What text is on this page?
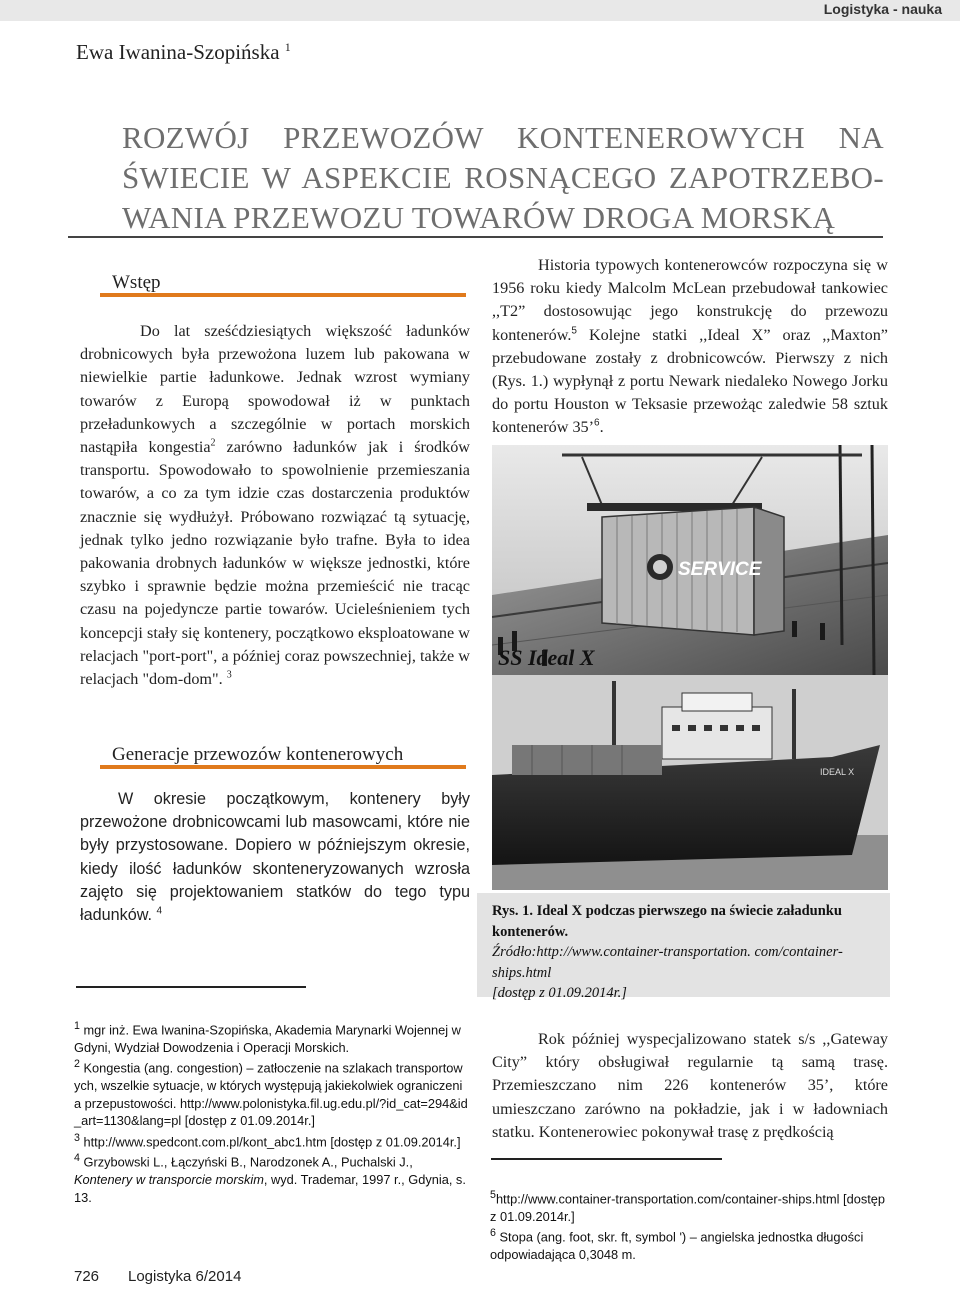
Logistyka - nauka
Ewa Iwanina-Szopińska $^1$
ROZWÓJ PRZEWOZÓW KONTENEROWYCH NA
ŚWIECIE W ASPEKCIE ROSNĄCEGO ZAPOTRZEBO-
WANIA PRZEWOZU TOWARÓW DROGA MORSKĄ
Wstęp
Do lat sześćdziesiątych większość ładunków drobnicowych była przewożona luzem lub pakowana w niewielkie partie ładunkowe. Jednak wzrost wymiany towarów z Europą spowodował iż w punktach przeładunkowych a szczególnie w portach morskich nastąpiła kongestia$^2$ zarówno ładunków jak i środków transportu. Spowodowało to spowolnienie przemieszania towarów, a co za tym idzie czas dostarczenia produktów znacznie się wydłużył. Próbowano rozwiązać tą sytuację, jednak tylko jedno rozwiązanie było trafne. Była to idea pakowania drobnych ładunków w większe jednostki, które szybko i sprawnie będzie można przemieścić nie tracąc czasu na pojedyncze partie towarów. Ucieleśnieniem tych koncepcji stały się kontenery, początkowo eksploatowane w relacjach "port-port", a później coraz powszechniej, także w relacjach "dom-dom". $^3$
Historia typowych kontenerowców rozpoczyna się w 1956 roku kiedy Malcolm McLean przebudował tankowiec ,,T2” dostosowując jego konstrukcję do przewozu kontenerów.$^5$ Kolejne statki ,,Ideal X” oraz ,,Maxton” przebudowane zostały z drobnicowców. Pierwszy z nich (Rys. 1.) wypłynął z portu Newark niedaleko Nowego Jorku do portu Houston w Teksasie przewożąc zaledwie 58 sztuk kontenerów 35’$^6$.
SERVICE
SS Ideal X
IDEAL X
Rys. 1. Ideal X podczas pierwszego na świecie załadunku kontenerów.
Źródło:http://www.container-transportation. com/container-ships.html
[dostęp z 01.09.2014r.]
Generacje przewozów kontenerowych
W okresie początkowym, kontenery były przewożone drobnicowcami lub masowcami, które nie były przystosowane. Dopiero w późniejszym okresie, kiedy ilość ładunków skonteneryzowanych wzrosła zajęto się projektowaniem statków do tego typu ładunków. $^4$
$^1$ mgr inż. Ewa Iwanina-Szopińska, Akademia Marynarki Wojennej w Gdyni, Wydział Dowodzenia i Operacji Morskich.
$^2$ Kongestia (ang. congestion) – zatłoczenie na szlakach transportowych, wszelkie sytuacje, w których występują jakiekolwiek ograniczenia przepustowości. http://www.polonistyka.fil.ug.edu.pl/?id_cat=294&id_art=1130&lang=pl [dostęp z 01.09.2014r.]
$^3$ http://www.spedcont.com.pl/kont_abc1.htm [dostęp z 01.09.2014r.]
$^4$ Grzybowski L., Łączyński B., Narodzonek A., Puchalski J., Kontenery w transporcie morskim, wyd. Trademar, 1997 r., Gdynia, s. 13.
Rok później wyspecjalizowano statek s/s ,,Gateway City” który obsługiwał regularnie tą samą trasę. Przemieszczano nim 226 kontenerów 35’, które umieszczano zarówno na pokładzie, jak i w ładowniach statku. Kontenerowiec pokonywał trasę z prędkością
$^5$http://www.container-transportation.com/container-ships.html [dostęp z 01.09.2014r.]
$^6$ Stopa (ang. foot, skr. ft, symbol ') – angielska jednostka długości odpowiadająca 0,3048 m.
726 Logistyka 6/2014
